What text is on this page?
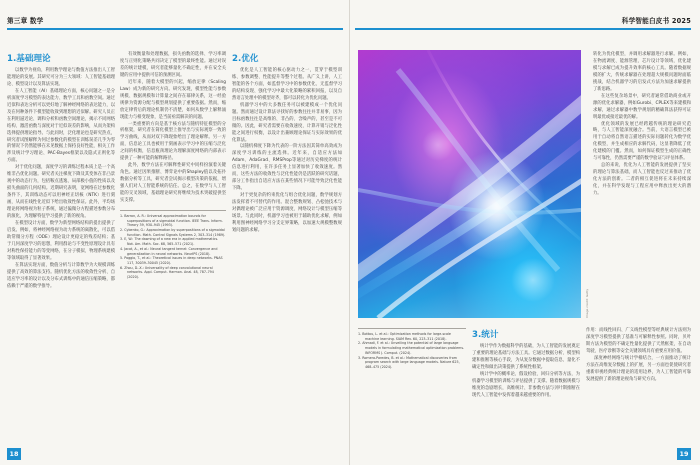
第三章 数学
1.基础理论

以数学为视角，利用数学理论与数值方法推出人工智能理论的发展。其研究可分为三大领域：人工智能基础理论、模型设计以及算法实现。

在人工智能（AI）基础理论方面，核心问题之一是分析深度学习模型的表达能力、数学工具和函数空间。通过近似和表达分析可以更好地了解神经网络的表达能力，以及在何种条件下模型能收敛到理想的近似解。研究人员正在利用逼近论、调和分析和函数空间理论，揭示不同网络结构、激活函数与深度对于近似误差的影响，从而为架构选择提供理论指导。与此同时，泛化理论也是研究热点，研究者试图解释为何过参数化的模型在训练误差几乎为零的情况下仍然能够在未见数据上保持良好性能，相关工作涉及统计学习理论、PAC-Bayes框架以及隐式正则化等方面。

对于优化问题，深度学习的训练过程本质上是一个高维非凸优化问题。研究者关注梯度下降及其变体在非凸景观中的动态行为，包括鞍点逃逸、局部极小值的性质以及损失曲面的几何结构。近期研究表明，宽网络在过参数化条件下，其训练动态可以用神经正切核（NTK）进行刻画，从而在线性化近似下给出收敛性保证。此外，平均场理论将网络视为粒子系统，通过偏微分方程描述参数分布的演化，为理解特征学习提供了新的视角。

在模型设计方面，数学为新型网络结构的提出提供了启发。例如，将神经网络视为动力系统的离散化，可以借助常微分方程（ODE）理论设计更稳定的残差结构；基于几何深度学习的思想，利用群论与不变性原理设计具有对称性保持能力的等变网络，在分子模拟、物理系统建模等领域取得了显著效果。

在算法实现方面，数值分析与计算数学为大规模训练提供了高效的算法支持。随机优化方法的收敛性分析、自适应学习率的设计以及分布式训练中的通信压缩策略，都依赖于严谨的数学推导。

有效衡量和处理数据，损失函数的选择、学习率调度与正则化策略共同决定了模型的最终性能。通过对误差的统计建模，研究者能够量化不确定性，并在安全关键的应用中提供可信的预测区间。

近年来，随着大模型的兴起，缩放定律（Scaling Law）成为新的研究方向。研究发现，模型性能与参数规模、数据规模和计算量之间存在幂律关系，这一经验规律为资源分配与模型规划提供了重要依据。然而，缩放定律背后的理论机制仍不清楚，如何从数学上解释涌现能力与相变现象，是当前亟需解决的问题。

一类重要的方向是基于核方法与随机特征模型的分析框架，研究者在简化模型上推导出与实际观察一致的学习曲线，从而对双下降现象给出了理论解释。另一方面，信息论工具也被用于刻画表示学习中的压缩与泛化之间的权衡，信息瓶颈理论为理解深度网络的内部表示提供了一种可能的解释路径。

此外，数学方法在可解释性研究中同样扮演着关键角色。通过因果推断、博弈论中的Shapley值以及拓扑数据分析等工具，研究者尝试揭示模型决策的依据，增强人们对人工智能系统的信任。总之，在数学与人工智能的交叉领域，基础理论研究将继续为技术突破提供坚实支撑。

1. Barron, A. R.: Universal approximation bounds for superpositions of a sigmoidal function. IEEE Trans. Inform. Theory 39, 930–945 (1993).
2. Cybenko, G.: Approximation by superpositions of a sigmoidal function. Math. Control Signals Systems 2, 303–314 (1989).
3. E, W.: The dawning of a new era in applied mathematics. Not. Am. Math. Soc. 68, 565–571 (2021).
4. Jacot, A., et al.: Neural tangent kernel: Convergence and generalization in neural networks. NeurIPS (2018).
5. Poggio, T., et al.: Theoretical issues in deep networks. PNAS 117, 30039–30045 (2020).
6. Zhou, D.-X.: Universality of deep convolutional neural networks. Appl. Comput. Harmon. Anal. 48, 787–794 (2020).
2.优化

优化是人工智能的核心驱动力之一，贯穿于模型训练、参数调整、性能提升等整个过程。从广义上讲，人工智能的各个方面，如监督学习中的参数优化、无监督学习的结构发现、强化学习中最大化策略的累积回报，以及自然语言处理中的模型对齐，都可以转化为优化问题。

机器学习中的大多数任务可以被建模成一个优化问题。然而通过设计算法寻找好的参数往往并非易事，因为目标函数往往是高维的、非凸的、含噪声的，甚至是不可微的。因此，研究者需要在收敛速度、计算开销与泛化性能之间进行权衡，以设计出兼顾理论保证与实际效果的优化算法。

以随机梯度下降为代表的一阶方法因其简单高效成为深度学习训练的主流选择。近年来，自适应方法如Adam、AdaGrad、RMSProp等通过对历史梯度的统计信息进行利用，在许多任务上显著加快了收敛速度。然而，这些方法的收敛性与泛化性能仍是活跃的研究话题，部分工作指出自适应方法在某些情况下可能导致泛化性能下降。

对于更复杂的约束优化与组合优化问题，数学规划方法发挥着不可替代的作用。混合整数规划、凸松弛技术与对偶理论被广泛应用于资源调度、网络设计与模型压缩等场景。与此同时，机器学习也被用于辅助优化求解，例如利用图神经网络学习分支定界策略，以加速大规模整数规划问题的求解。

18
科学智能白皮书 2025
Image credit: Getty

转化为优化模型，并调用求解器进行求解。例如，在物流调度、能源管理、芯片设计等领域，优化建模与求解已成为提升效率的核心工具。随着数据规模的扩大，传统求解器在处理超大规模问题时面临挑战，结合机器学习的启发式方法为加速求解提供了新思路。

在这些复杂场景中，研究者通常借助商业或开源的优化求解器，例如Gurobi、CPLEX等来建模和求解，通过求解器中数学规划的精确算法获得可证明最优或接近最优的解。

优化领域的发展已经跨越传统的理论研究范畴，与人工智能深度融合。当前，大语言模型已被用于自动将自然语言描述的实际问题转化为数学优化模型，并生成相应的求解代码，这显著降低了优化建模的门槛。然而，如何保证模型生成的正确性与可靠性，仍然需要严谨的数学验证与评估体系。

总的来说，优化为人工智能的发展提供了坚实的理论与算法基础，而人工智能也反过来推动了优化方法的创新。二者的相互促进将在未来持续深化，并在科学发现与工程应用中释放出更大的潜力。

1. Bottou, L. et al.: Optimization methods for large-scale machine learning. SIAM Rev. 60, 223–311 (2018).
2. Ahmadi, F. et al.: Unveiling the potential of large language models in formulating mathematical optimization problems. INFORMS J. Comput. (2024).
3. Romera-Paredes, B. et al.: Mathematical discoveries from program search with large language models. Nature 625, 468–475 (2024).
3.统计

统计学作为数据科学的基础，为人工智能的发展奠定了重要的理论基础与方法工具。它通过数据分析、模型构建和推断等核心手段，为从复杂数据中提取信息、量化不确定性和做出决策提供了系统性框架。

统计学中的概率论、假设检验、回归分析等方法，为机器学习模型的训练与评估提供了支撑。随着数据规模与维度的急剧增长，高维统计、非参数方法与贝叶斯推断在现代人工智能中发挥着越来越重要的作用。

作用：而线性回归、广义线性模型等经典统计方法则为深度学习模型提供了基准与可解释性参照。同时，贝叶斯方法为模型的不确定性量化提供了天然框架，在自动驾驶、医疗诊断等安全关键领域具有重要应用价值。

深度神经网络与统计学相结合，一方面推动了统计方法在高维复杂数据上的扩展，另一方面也促使研究者重新审视经典统计理论的适用边界，为人工智能的可靠发展提供了新的理论视角与研究方向。

19
